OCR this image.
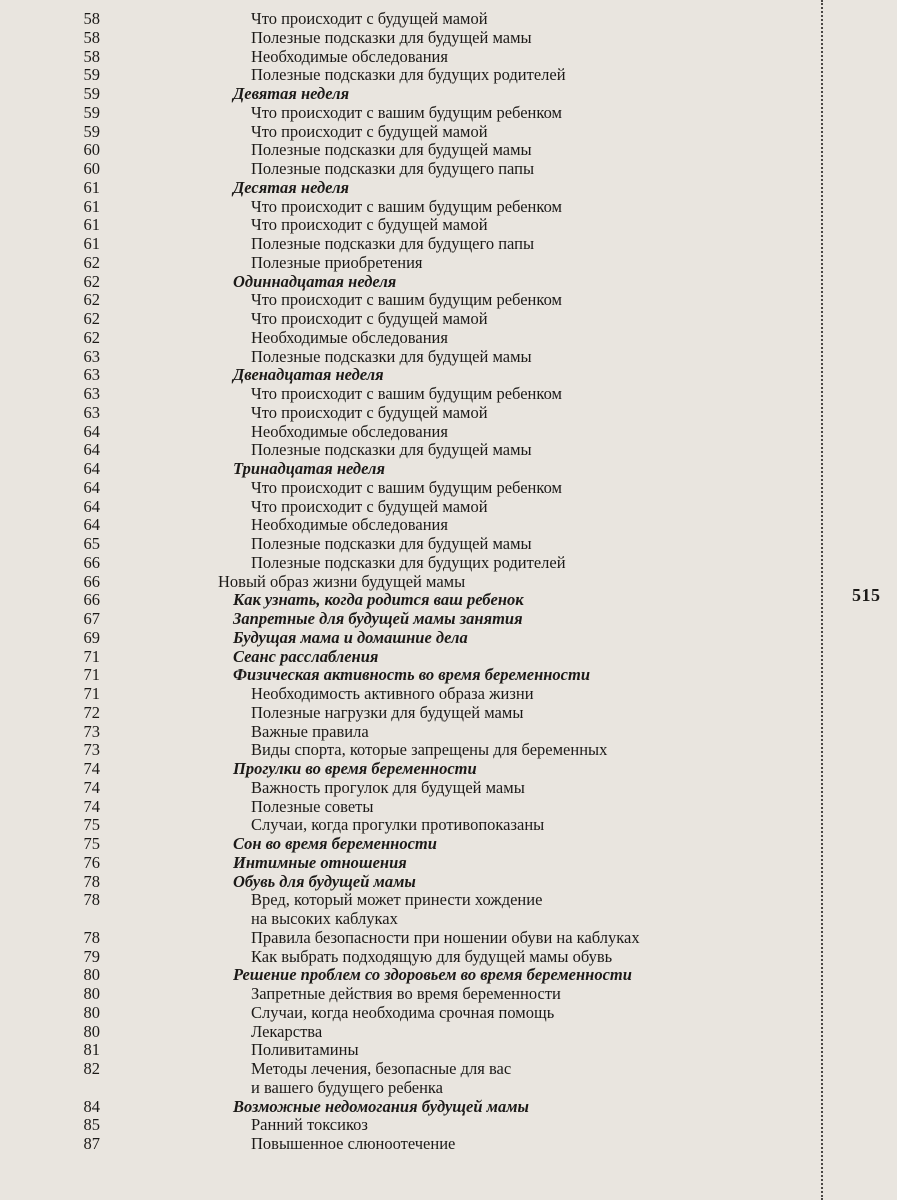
58	Что происходит с будущей мамой
58	Полезные подсказки для будущей мамы
58	Необходимые обследования
59	Полезные подсказки для будущих родителей
59	Девятая неделя
59	Что происходит с вашим будущим ребенком
59	Что происходит с будущей мамой
60	Полезные подсказки для будущей мамы
60	Полезные подсказки для будущего папы
61	Десятая неделя
61	Что происходит с вашим будущим ребенком
61	Что происходит с будущей мамой
61	Полезные подсказки для будущего папы
62	Полезные приобретения
62	Одиннадцатая неделя
62	Что происходит с вашим будущим ребенком
62	Что происходит с будущей мамой
62	Необходимые обследования
63	Полезные подсказки для будущей мамы
63	Двенадцатая неделя
63	Что происходит с вашим будущим ребенком
63	Что происходит с будущей мамой
64	Необходимые обследования
64	Полезные подсказки для будущей мамы
64	Тринадцатая неделя
64	Что происходит с вашим будущим ребенком
64	Что происходит с будущей мамой
64	Необходимые обследования
65	Полезные подсказки для будущей мамы
66	Полезные подсказки для будущих родителей
66	Новый образ жизни будущей мамы
66	Как узнать, когда родится ваш ребенок
67	Запретные для будущей мамы занятия
69	Будущая мама и домашние дела
71	Сеанс расслабления
71	Физическая активность во время беременности
71	Необходимость активного образа жизни
72	Полезные нагрузки для будущей мамы
73	Важные правила
73	Виды спорта, которые запрещены для беременных
74	Прогулки во время беременности
74	Важность прогулок для будущей мамы
74	Полезные советы
75	Случаи, когда прогулки противопоказаны
75	Сон во время беременности
76	Интимные отношения
78	Обувь для будущей мамы
78	Вред, который может принести хождение
на высоких каблуках
78	Правила безопасности при ношении обуви на каблуках
79	Как выбрать подходящую для будущей мамы обувь
80	Решение проблем со здоровьем во время беременности
80	Запретные действия во время беременности
80	Случаи, когда необходима срочная помощь
80	Лекарства
81	Поливитамины
82	Методы лечения, безопасные для вас
и вашего будущего ребенка
84	Возможные недомогания будущей мамы
85	Ранний токсикоз
87	Повышенное слюноотечение
515
